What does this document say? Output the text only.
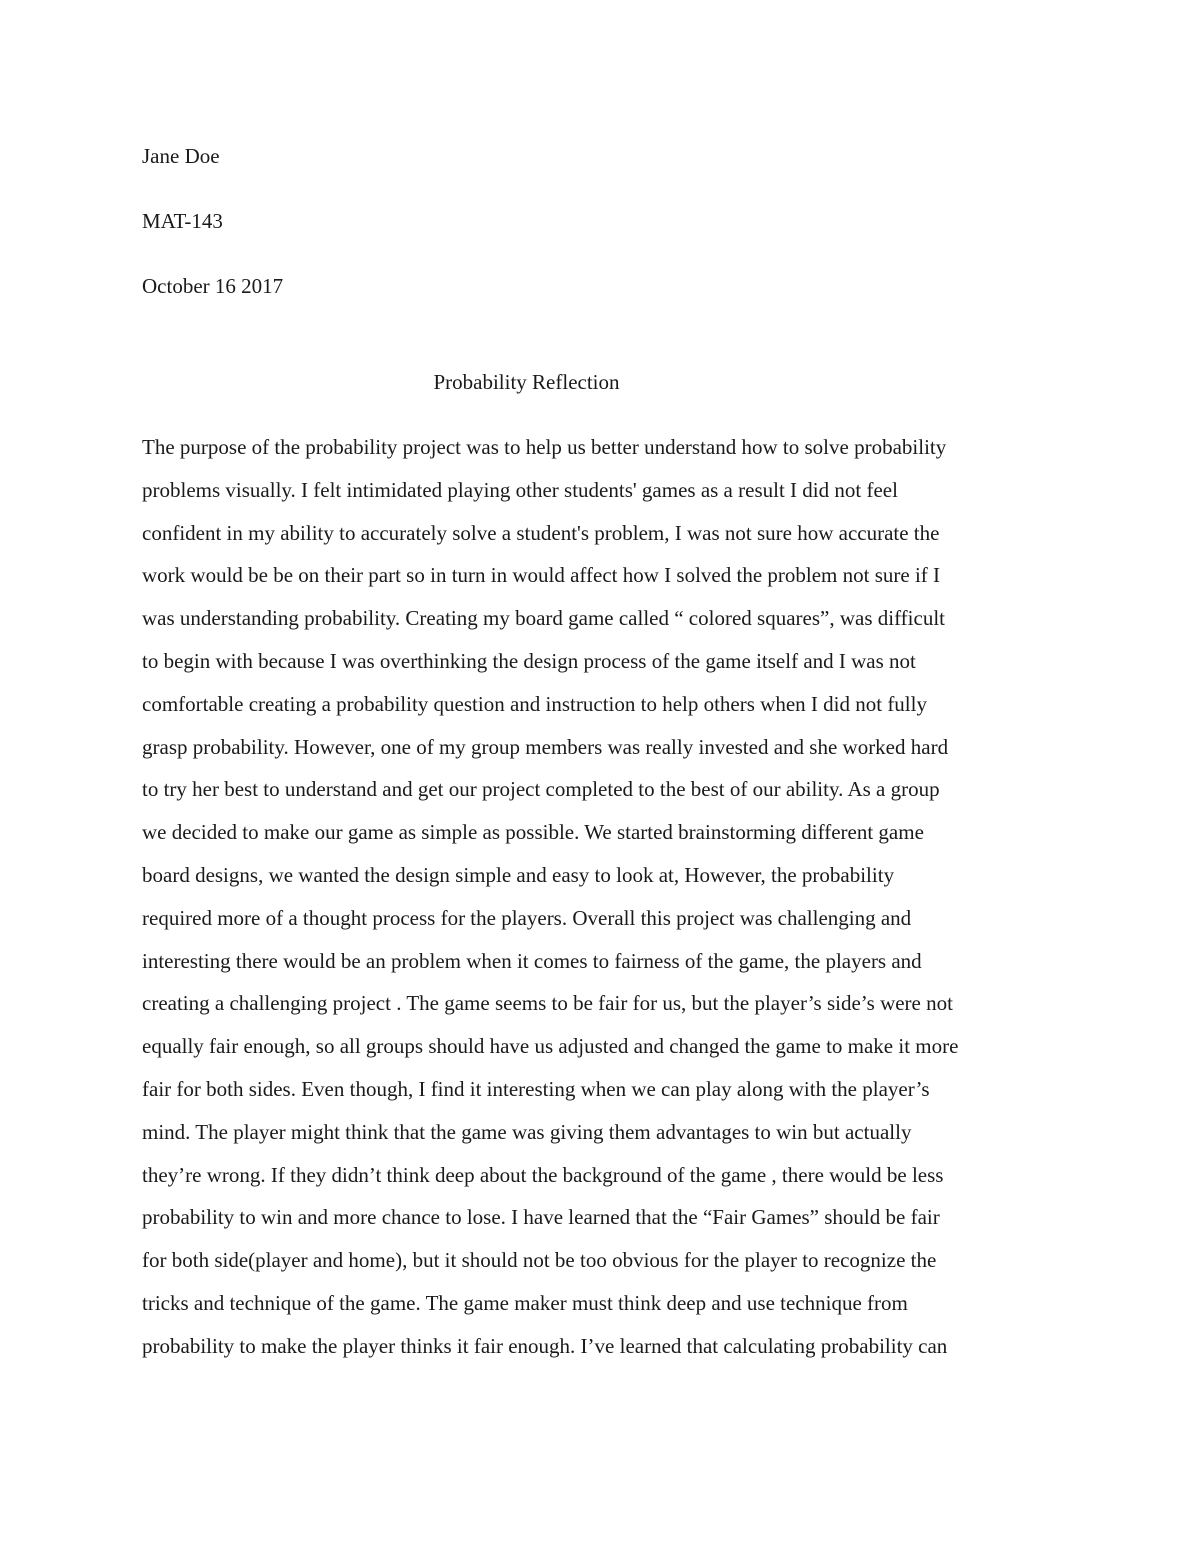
Jane Doe
MAT-143
October 16 2017
Probability Reflection
The purpose of the probability project was to help us better understand how to solve probability
problems visually. I felt intimidated playing other students' games as a result I did not feel
confident in my ability to accurately solve a student's problem, I was not sure how accurate the
work would be be on their part so in turn in would affect how I solved the problem not sure if I
was understanding probability. Creating my board game called “ colored squares”, was difficult
to begin with because I was overthinking the design process of the game itself and I was not
comfortable creating a probability question and instruction to help others when I did not fully
grasp probability. However, one of my group members was really invested and she worked hard
to try her best to understand and get our project completed to the best of our ability. As a group
we decided to make our game as simple as possible. We started brainstorming different game
board designs, we wanted the design simple and easy to look at, However, the probability
required more of a thought process for the players. Overall this project was challenging and
interesting there would be an problem when it comes to fairness of the game, the players and
creating a challenging project . The game seems to be fair for us, but the player’s side’s were not
equally fair enough, so all groups should have us adjusted and changed the game to make it more
fair for both sides. Even though, I find it interesting when we can play along with the player’s
mind. The player might think that the game was giving them advantages to win but actually
they’re wrong. If they didn’t think deep about the background of the game , there would be less
probability to win and more chance to lose. I have learned that the “Fair Games” should be fair
for both side(player and home), but it should not be too obvious for the player to recognize the
tricks and technique of the game. The game maker must think deep and use technique from
probability to make the player thinks it fair enough. I’ve learned that calculating probability can
